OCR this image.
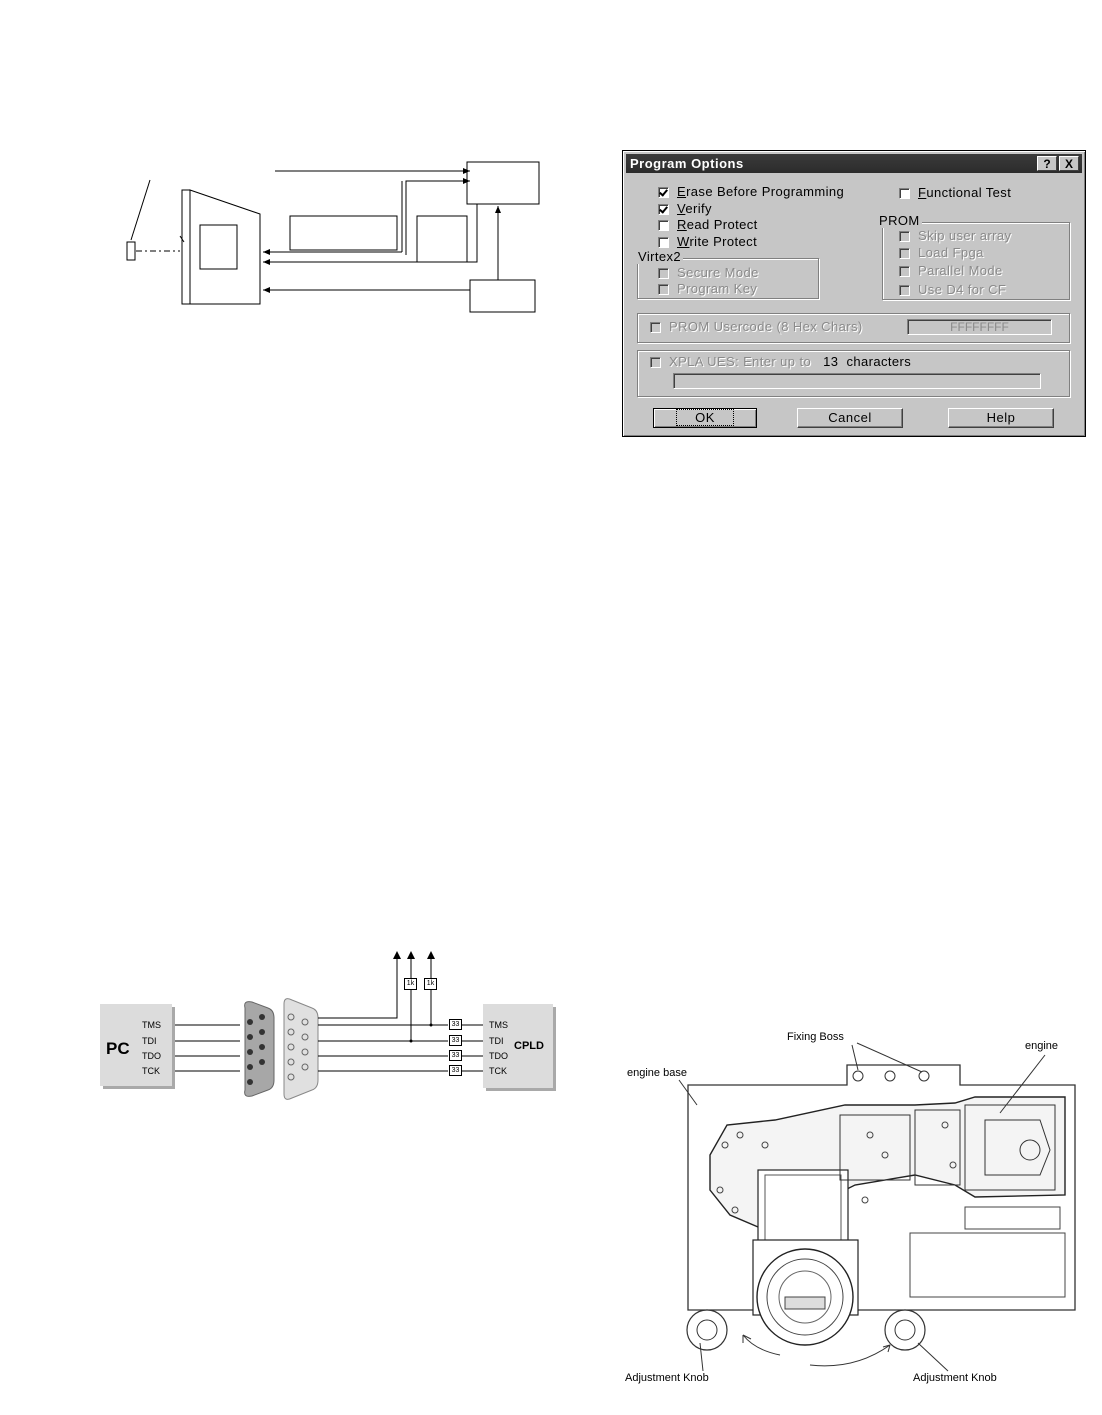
Program Options	?	X
Erase Before Programming
Verify
Read Protect
Write Protect
Functional Test
Virtex2
Secure Mode
Program Key
PROM
Skip user array
Load Fpga
Parallel Mode
Use D4 for CF
PROM Usercode (8 Hex Chars)	FFFFFFFF
XPLA UES: Enter up to 13 characters
OK	Cancel	Help
PC
TMS
TDI
TDO
TCK
CPLD
TMS
TDI
TDO
TCK
1k	1k
33
33
33
33
Fixing Boss
engine
engine base
Adjustment Knob	Adjustment Knob
